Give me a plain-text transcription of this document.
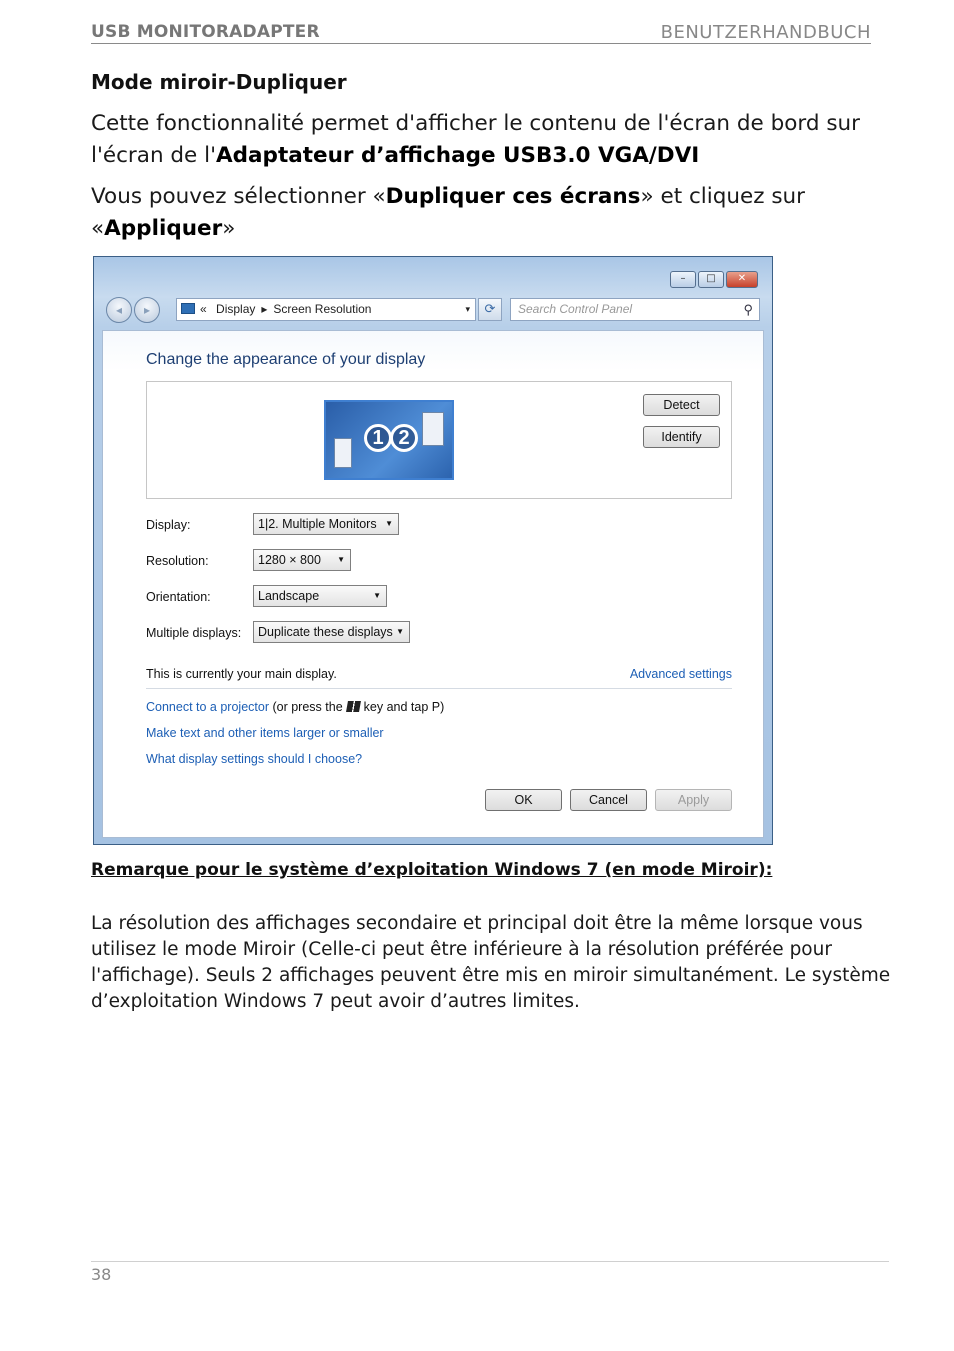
USB MONITORADAPTER	BENUTZERHANDBUCH
Mode miroir-Dupliquer
Cette fonctionnalité permet d'afficher le contenu de l'écran de bord sur l'écran de l'Adaptateur d’affichage USB3.0 VGA/DVI
Vous pouvez sélectionner «Dupliquer ces écrans» et cliquez sur «Appliquer»
–	□	✕
◂	▸	« Display ▸ Screen Resolution	▾	⟳	Search Control Panel	⚲
Change the appearance of your display
1 2
Detect
Identify
Display:	1|2. Multiple Monitors ▼
Resolution:	1280 × 800 ▼
Orientation:	Landscape	▼
Multiple displays:	Duplicate these displays ▼
This is currently your main display.	Advanced settings
Connect to a projector (or press the key and tap P)
Make text and other items larger or smaller
What display settings should I choose?
OK	Cancel	Apply
Remarque pour le système d’exploitation Windows 7 (en mode Miroir):
La résolution des affichages secondaire et principal doit être la même lorsque vous utilisez le mode Miroir (Celle-ci peut être inférieure à la résolution préférée pour l'affichage). Seuls 2 affichages peuvent être mis en miroir simultanément. Le système d’exploitation Windows 7 peut avoir d’autres limites.
38
